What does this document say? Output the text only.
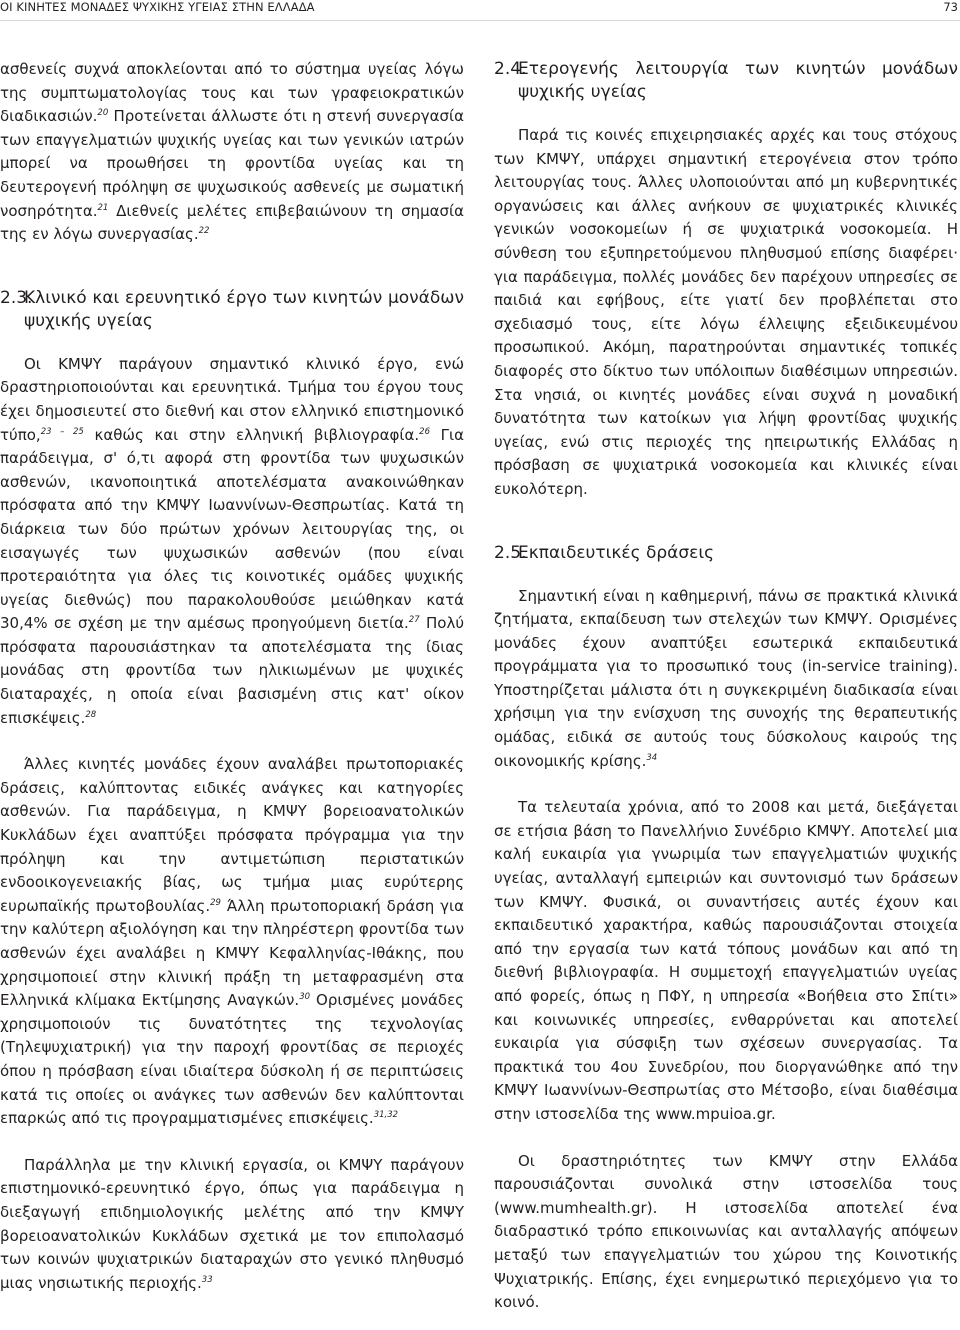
ΟΙ ΚΙΝΗΤΕΣ ΜΟΝΑΔΕΣ ΨΥΧΙΚΗΣ ΥΓΕΙΑΣ ΣΤΗΝ ΕΛΛΑΔΑ	73

ασθενείς συχνά αποκλείονται από το σύστημα υγείας λόγω της συμπτωματολογίας τους και των γραφειοκρατικών διαδικασιών.$^{20}$ Προτείνεται άλλωστε ότι η στενή συνεργασία των επαγγελματιών ψυχικής υγείας και των γενικών ιατρών μπορεί να προωθήσει τη φροντίδα υγείας και τη δευτερογενή πρόληψη σε ψυχωσικούς ασθενείς με σωματική νοσηρότητα.$^{21}$ Διεθνείς μελέτες επιβεβαιώνουν τη σημασία της εν λόγω συνεργασίας.$^{22}$

2.3.Κλινικό και ερευνητικό έργο των κινητών μονάδων ψυχικής υγείας

Οι ΚΜΨΥ παράγουν σημαντικό κλινικό έργο, ενώ δραστηριοποιούνται και ερευνητικά. Τμήμα του έργου τους έχει δημοσιευτεί στο διεθνή και στον ελληνικό επιστημονικό τύπο,$^{23 - 25}$ καθώς και στην ελληνική βιβλιογραφία.$^{26}$ Για παράδειγμα, σ' ό,τι αφορά στη φροντίδα των ψυχωσικών ασθενών, ικανοποιητικά αποτελέσματα ανακοινώθηκαν πρόσφατα από την ΚΜΨΥ Ιωαννίνων-Θεσπρωτίας. Κατά τη διάρκεια των δύο πρώτων χρόνων λειτουργίας της, οι εισαγωγές των ψυχωσικών ασθενών (που είναι προτεραιότητα για όλες τις κοινοτικές ομάδες ψυχικής υγείας διεθνώς) που παρακολουθούσε μειώθηκαν κατά 30,4% σε σχέση με την αμέσως προηγούμενη διετία.$^{27}$ Πολύ πρόσφατα παρουσιάστηκαν τα αποτελέσματα της ίδιας μονάδας στη φροντίδα των ηλικιωμένων με ψυχικές διαταραχές, η οποία είναι βασισμένη στις κατ' οίκον επισκέψεις.$^{28}$

Άλλες κινητές μονάδες έχουν αναλάβει πρωτοποριακές δράσεις, καλύπτοντας ειδικές ανάγκες και κατηγορίες ασθενών. Για παράδειγμα, η ΚΜΨΥ βορειοανατολικών Κυκλάδων έχει αναπτύξει πρόσφατα πρόγραμμα για την πρόληψη και την αντιμετώπιση περιστατικών ενδοοικογενειακής βίας, ως τμήμα μιας ευρύτερης ευρωπαϊκής πρωτοβουλίας.$^{29}$ Άλλη πρωτοποριακή δράση για την καλύτερη αξιολόγηση και την πληρέστερη φροντίδα των ασθενών έχει αναλάβει η ΚΜΨΥ Κεφαλληνίας-Ιθάκης, που χρησιμοποιεί στην κλινική πράξη τη μεταφρασμένη στα Ελληνικά κλίμακα Εκτίμησης Αναγκών.$^{30}$ Ορισμένες μονάδες χρησιμοποιούν τις δυνατότητες της τεχνολογίας (Τηλεψυχιατρική) για την παροχή φροντίδας σε περιοχές όπου η πρόσβαση είναι ιδιαίτερα δύσκολη ή σε περιπτώσεις κατά τις οποίες οι ανάγκες των ασθενών δεν καλύπτονται επαρκώς από τις προγραμματισμένες επισκέψεις.$^{31,32}$

Παράλληλα με την κλινική εργασία, οι ΚΜΨΥ παράγουν επιστημονικό-ερευνητικό έργο, όπως για παράδειγμα η διεξαγωγή επιδημιολογικής μελέτης από την ΚΜΨΥ βορειοανατολικών Κυκλάδων σχετικά με τον επιπολασμό των κοινών ψυχιατρικών διαταραχών στο γενικό πληθυσμό μιας νησιωτικής περιοχής.$^{33}$

2.4.Ετερογενής λειτουργία των κινητών μονάδων ψυχικής υγείας

Παρά τις κοινές επιχειρησιακές αρχές και τους στόχους των ΚΜΨΥ, υπάρχει σημαντική ετερογένεια στον τρόπο λειτουργίας τους. Άλλες υλοποιούνται από μη κυβερνητικές οργανώσεις και άλλες ανήκουν σε ψυχιατρικές κλινικές γενικών νοσοκομείων ή σε ψυχιατρικά νοσοκομεία. Η σύνθεση του εξυπηρετούμενου πληθυσμού επίσης διαφέρει· για παράδειγμα, πολλές μονάδες δεν παρέχουν υπηρεσίες σε παιδιά και εφήβους, είτε γιατί δεν προβλέπεται στο σχεδιασμό τους, είτε λόγω έλλειψης εξειδικευμένου προσωπικού. Ακόμη, παρατηρούνται σημαντικές τοπικές διαφορές στο δίκτυο των υπόλοιπων διαθέσιμων υπηρεσιών. Στα νησιά, οι κινητές μονάδες είναι συχνά η μοναδική δυνατότητα των κατοίκων για λήψη φροντίδας ψυχικής υγείας, ενώ στις περιοχές της ηπειρωτικής Ελλάδας η πρόσβαση σε ψυχιατρικά νοσοκομεία και κλινικές είναι ευκολότερη.

2.5.Εκπαιδευτικές δράσεις

Σημαντική είναι η καθημερινή, πάνω σε πρακτικά κλινικά ζητήματα, εκπαίδευση των στελεχών των ΚΜΨΥ. Ορισμένες μονάδες έχουν αναπτύξει εσωτερικά εκπαιδευτικά προγράμματα για το προσωπικό τους (in-service training). Υποστηρίζεται μάλιστα ότι η συγκεκριμένη διαδικασία είναι χρήσιμη για την ενίσχυση της συνοχής της θεραπευτικής ομάδας, ειδικά σε αυτούς τους δύσκολους καιρούς της οικονομικής κρίσης.$^{34}$

Τα τελευταία χρόνια, από το 2008 και μετά, διεξάγεται σε ετήσια βάση το Πανελλήνιο Συνέδριο ΚΜΨΥ. Αποτελεί μια καλή ευκαιρία για γνωριμία των επαγγελματιών ψυχικής υγείας, ανταλλαγή εμπειριών και συντονισμό των δράσεων των ΚΜΨΥ. Φυσικά, οι συναντήσεις αυτές έχουν και εκπαιδευτικό χαρακτήρα, καθώς παρουσιάζονται στοιχεία από την εργασία των κατά τόπους μονάδων και από τη διεθνή βιβλιογραφία. Η συμμετοχή επαγγελματιών υγείας από φορείς, όπως η ΠΦΥ, η υπηρεσία «Βοήθεια στο Σπίτι» και κοινωνικές υπηρεσίες, ενθαρρύνεται και αποτελεί ευκαιρία για σύσφιξη των σχέσεων συνεργασίας. Τα πρακτικά του 4ου Συνεδρίου, που διοργανώθηκε από την ΚΜΨΥ Ιωαννίνων-Θεσπρωτίας στο Μέτσοβο, είναι διαθέσιμα στην ιστοσελίδα της www.mpuioa.gr.

Οι δραστηριότητες των ΚΜΨΥ στην Ελλάδα παρουσιάζονται συνολικά στην ιστοσελίδα τους (www.mumhealth.gr). Η ιστοσελίδα αποτελεί ένα διαδραστικό τρόπο επικοινωνίας και ανταλλαγής απόψεων μεταξύ των επαγγελματιών του χώρου της Κοινοτικής Ψυχιατρικής. Επίσης, έχει ενημερωτικό περιεχόμενο για το κοινό.
